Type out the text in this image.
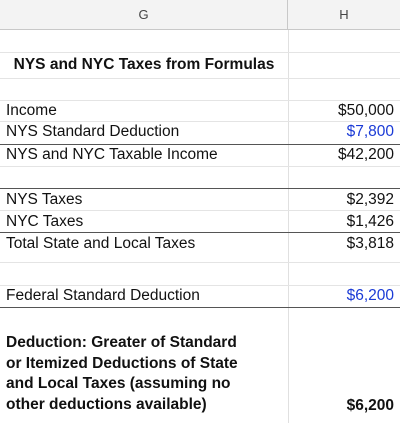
G	H
NYS and NYC Taxes from Formulas
Income	$50,000
NYS Standard Deduction	$7,800
NYS and NYC Taxable Income	$42,200
NYS Taxes	$2,392
NYC Taxes	$1,426
Total State and Local Taxes	$3,818
Federal Standard Deduction	$6,200
Deduction: Greater of Standard
or Itemized Deductions of State
and Local Taxes (assuming no
other deductions available)	$6,200
